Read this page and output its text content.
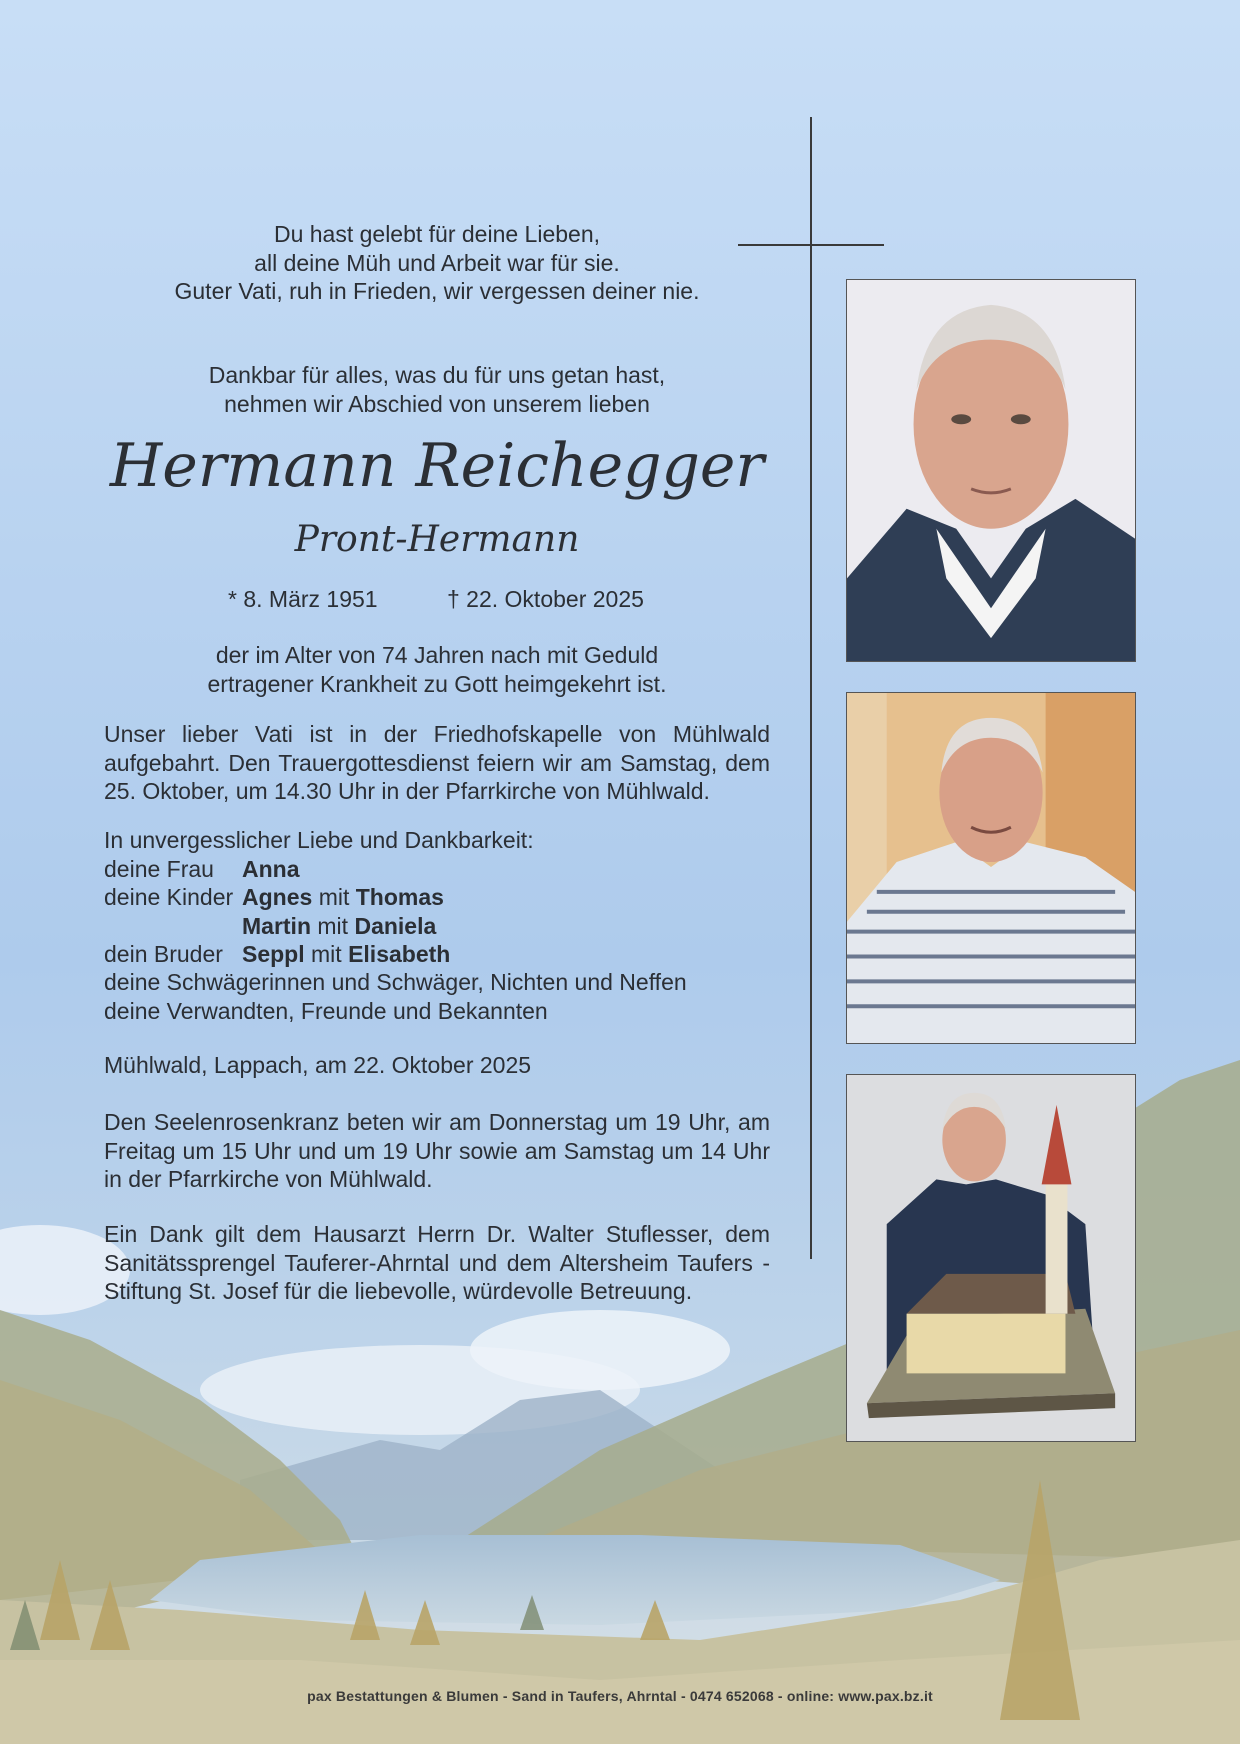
Du hast gelebt für deine Lieben,
all deine Müh und Arbeit war für sie.
Guter Vati, ruh in Frieden, wir vergessen deiner nie.
Dankbar für alles, was du für uns getan hast,
nehmen wir Abschied von unserem lieben
Hermann Reichegger
Pront-Hermann
* 8. März 1951	† 22. Oktober 2025
der im Alter von 74 Jahren nach mit Geduld
ertragener Krankheit zu Gott heimgekehrt ist.
Unser lieber Vati ist in der Friedhofskapelle von Mühlwald aufgebahrt. Den Trauergottesdienst feiern wir am Samstag, dem 25. Oktober, um 14.30 Uhr in der Pfarrkirche von Mühlwald.
In unvergesslicher Liebe und Dankbarkeit:
deine Frau Anna
deine Kinder Agnes mit Thomas
Martin mit Daniela
dein Bruder Seppl mit Elisabeth
deine Schwägerinnen und Schwäger, Nichten und Neffen
deine Verwandten, Freunde und Bekannten
Mühlwald, Lappach, am 22. Oktober 2025
Den Seelenrosenkranz beten wir am Donnerstag um 19 Uhr, am Freitag um 15 Uhr und um 19 Uhr sowie am Samstag um 14 Uhr in der Pfarrkirche von Mühlwald.
Ein Dank gilt dem Hausarzt Herrn Dr. Walter Stuflesser, dem Sanitätssprengel Tauferer-Ahrntal und dem Altersheim Taufers - Stiftung St. Josef für die liebevolle, würdevolle Betreuung.
pax Bestattungen & Blumen - Sand in Taufers, Ahrntal - 0474 652068 - online: www.pax.bz.it
